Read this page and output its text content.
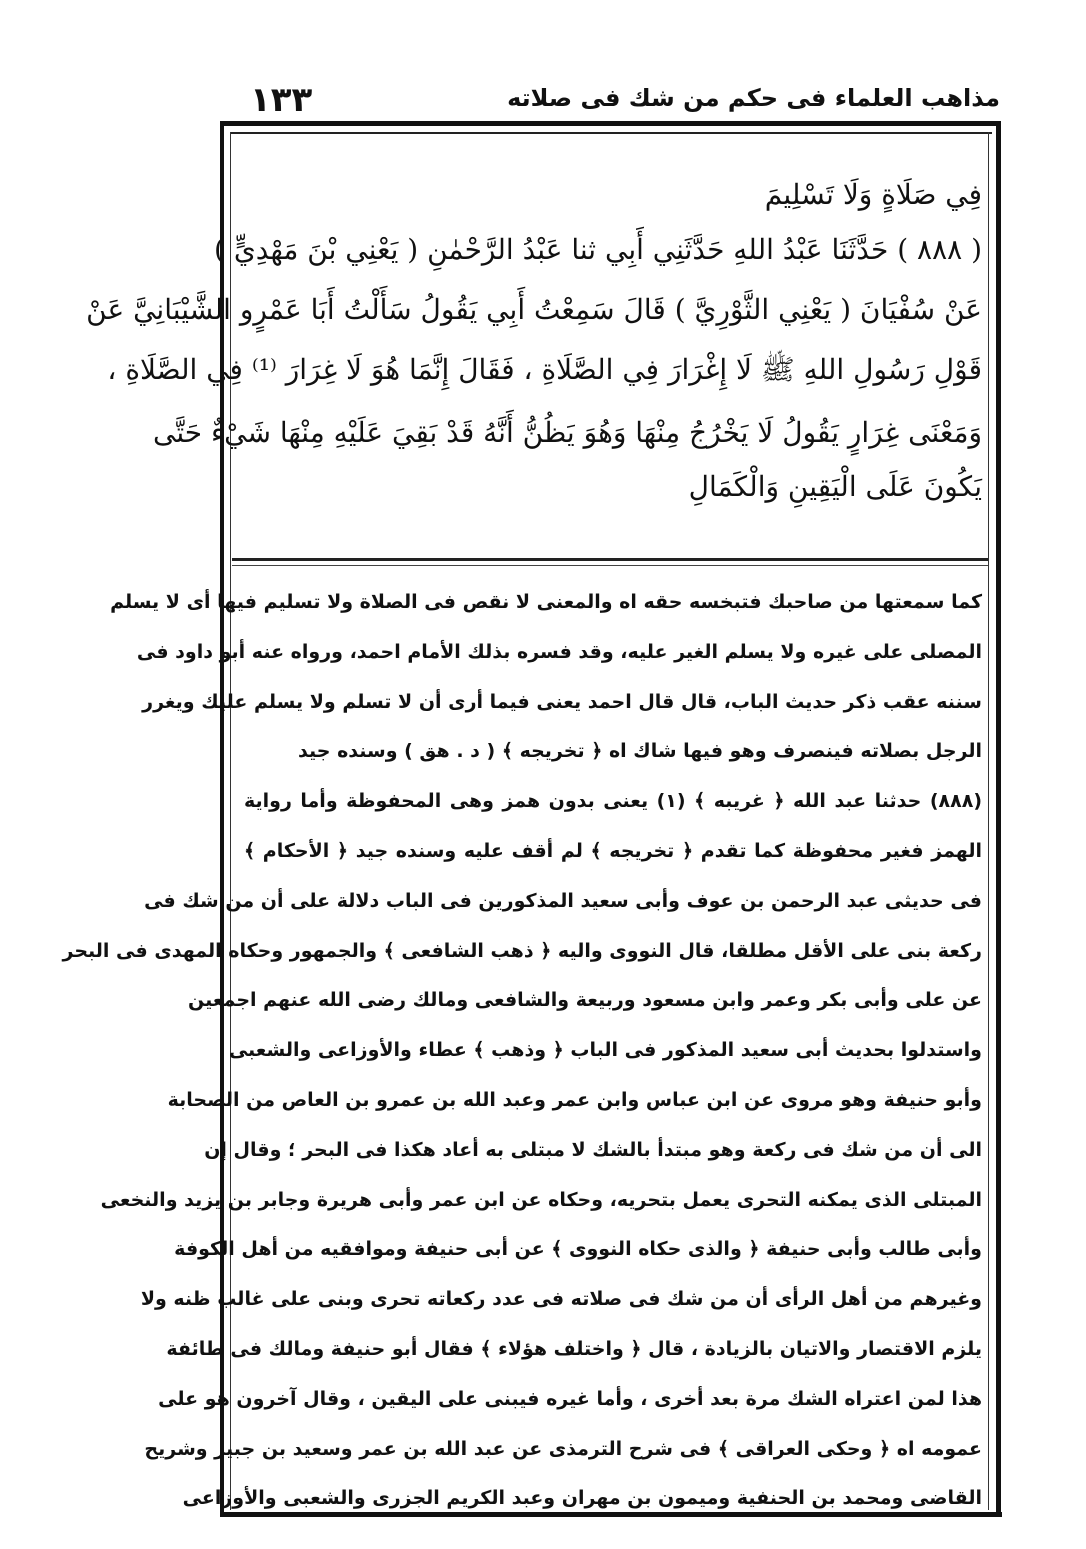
١٣٣	مذاهب العلماء فى حكم من شك فى صلاته
فِي صَلَاةٍ وَلَا تَسْلِيمَ
( ٨٨٨ ) حَدَّثَنَا عَبْدُ اللهِ حَدَّثَنِي أَبِي ثنا عَبْدُ الرَّحْمٰنِ ( يَعْنِي بْنَ مَهْدِيٍّ )
عَنْ سُفْيَانَ ( يَعْنِي الثَّوْرِيَّ ) قَالَ سَمِعْتُ أَبِي يَقُولُ سَأَلْتُ أَبَا عَمْرٍو الشَّيْبَانِيَّ عَنْ
قَوْلِ رَسُولِ اللهِ ﷺ لَا إِغْرَارَ فِي الصَّلَاةِ ، فَقَالَ إِنَّمَا هُوَ لَا غِرَارَ ⁽¹⁾ فِي الصَّلَاةِ ،
وَمَعْنَى غِرَارٍ يَقُولُ لَا يَخْرُجُ مِنْهَا وَهُوَ يَظُنُّ أَنَّهُ قَدْ بَقِيَ عَلَيْهِ مِنْهَا شَيْءٌ حَتَّى
يَكُونَ عَلَى الْيَقِينِ وَالْكَمَالِ
كما سمعتها من صاحبك فتبخسه حقه اه والمعنى لا نقص فى الصلاة ولا تسليم فيها أى لا يسلم
المصلى على غيره ولا يسلم الغير عليه، وقد فسره بذلك الأمام احمد، ورواه عنه أبو داود فى
سننه عقب ذكر حديث الباب، قال قال احمد يعنى فيما أرى أن لا تسلم ولا يسلم عليك ويغرر
الرجل بصلاته فينصرف وهو فيها شاك اه ﴿ تخريجه ﴾ ( د . هق ) وسنده جيد
(٨٨٨) حدثنا عبد الله ﴿ غريبه ﴾ (١) يعنى بدون همز وهى المحفوظة وأما رواية
الهمز فغير محفوظة كما تقدم ﴿ تخريجه ﴾ لم أقف عليه وسنده جيد ﴿ الأحكام ﴾
فى حديثى عبد الرحمن بن عوف وأبى سعيد المذكورين فى الباب دلالة على أن من شك فى
ركعة بنى على الأقل مطلقا، قال النووى واليه ﴿ ذهب الشافعى ﴾ والجمهور وحكاه المهدى فى البحر
عن على وأبى بكر وعمر وابن مسعود وربيعة والشافعى ومالك رضى الله عنهم اجمعين
واستدلوا بحديث أبى سعيد المذكور فى الباب ﴿ وذهب ﴾ عطاء والأوزاعى والشعبى
وأبو حنيفة وهو مروى عن ابن عباس وابن عمر وعبد الله بن عمرو بن العاص من الصحابة
الى أن من شك فى ركعة وهو مبتدأ بالشك لا مبتلى به أعاد هكذا فى البحر ؛ وقال إن
المبتلى الذى يمكنه التحرى يعمل بتحريه، وحكاه عن ابن عمر وأبى هريرة وجابر بن يزيد والنخعى
وأبى طالب وأبى حنيفة ﴿ والذى حكاه النووى ﴾ عن أبى حنيفة وموافقيه من أهل الكوفة
وغيرهم من أهل الرأى أن من شك فى صلاته فى عدد ركعاته تحرى وبنى على غالب ظنه ولا
يلزم الاقتصار والاتيان بالزيادة ، قال ﴿ واختلف هؤلاء ﴾ فقال أبو حنيفة ومالك فى طائفة
هذا لمن اعتراه الشك مرة بعد أخرى ، وأما غيره فيبنى على اليقين ، وقال آخرون هو على
عمومه اه ﴿ وحكى العراقى ﴾ فى شرح الترمذى عن عبد الله بن عمر وسعيد بن جبير وشريح
القاضى ومحمد بن الحنفية وميمون بن مهران وعبد الكريم الجزرى والشعبى والأوزاعى
